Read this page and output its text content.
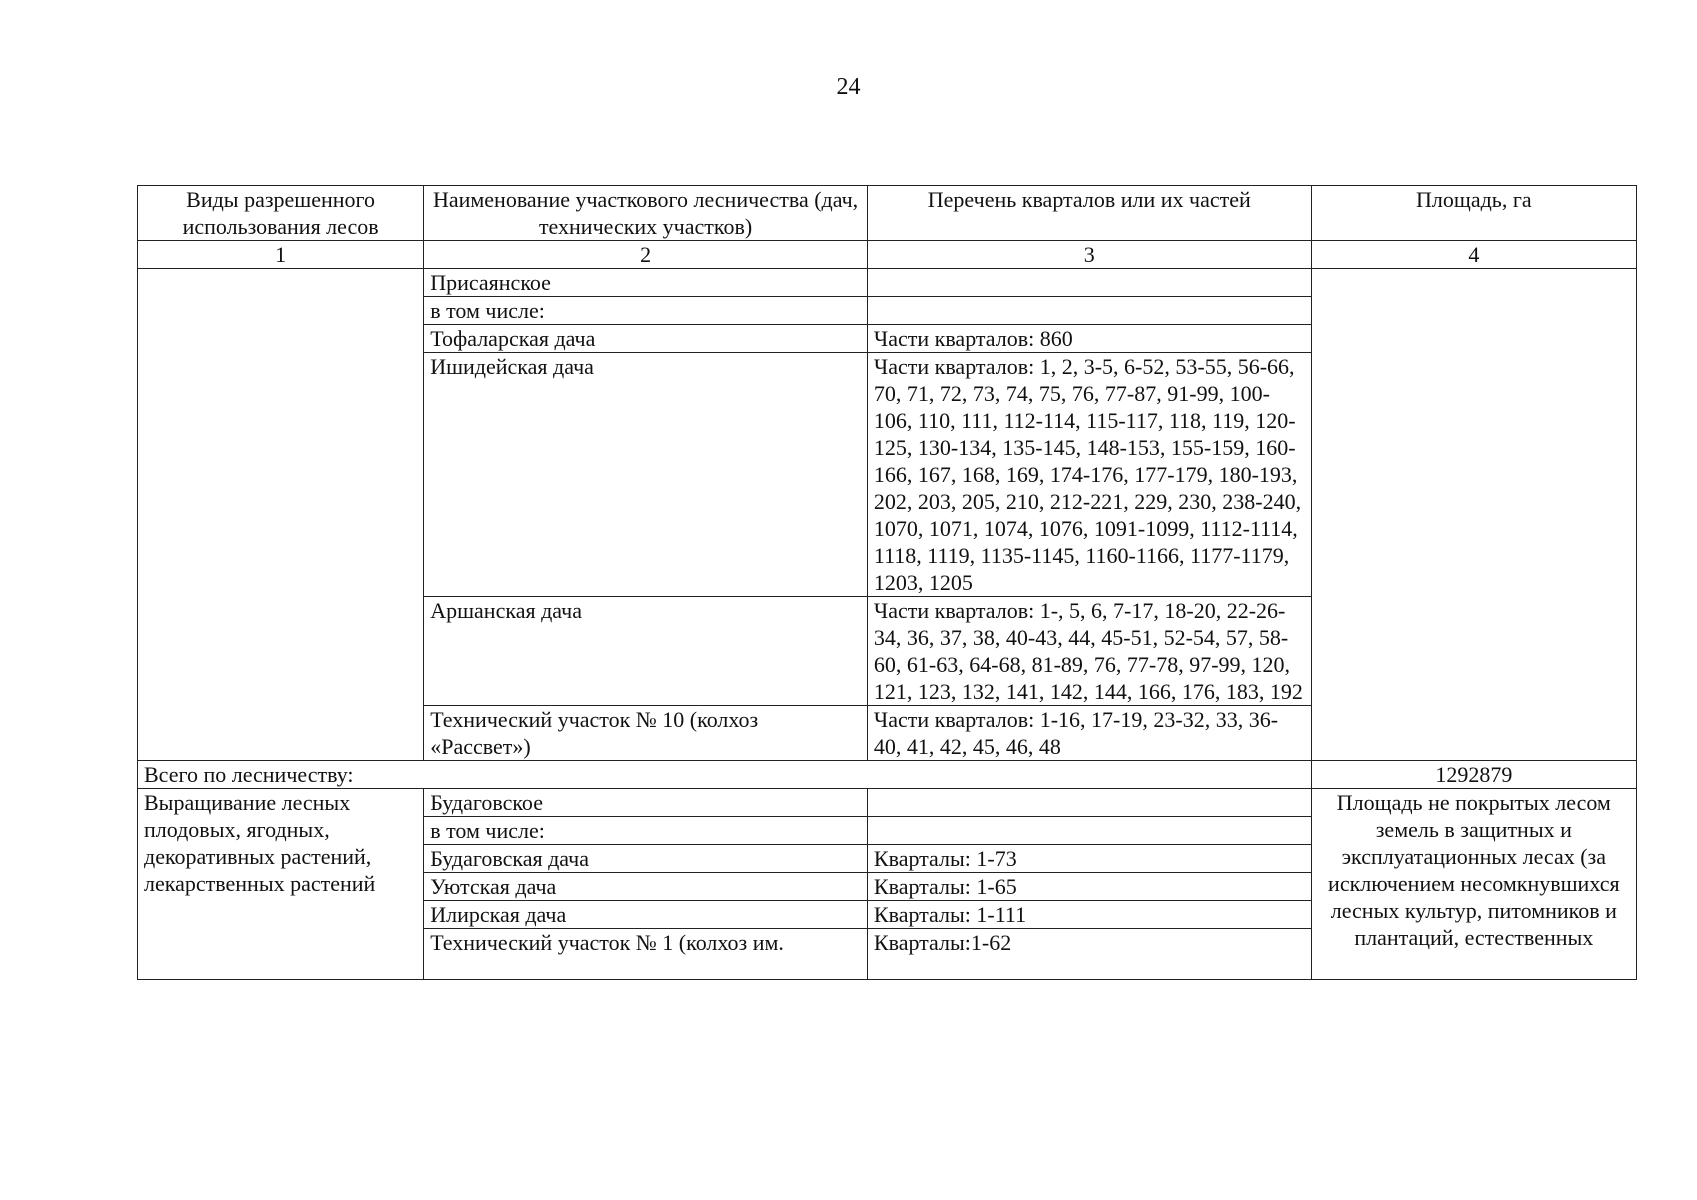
24
Виды разрешенного использования лесов	Наименование участкового лесничества (дач, технических участков)	Перечень кварталов или их частей	Площадь, га
1	2	3	4
	Присаянское		
	в том числе:		
	Тофаларская дача	Части кварталов: 860	
	Ишидейская дача	Части кварталов: 1, 2, 3-5, 6-52, 53-55, 56-66, 70, 71, 72, 73, 74, 75, 76, 77-87, 91-99, 100-106, 110, 111, 112-114, 115-117, 118, 119, 120-125, 130-134, 135-145, 148-153, 155-159, 160-166, 167, 168, 169, 174-176, 177-179, 180-193, 202, 203, 205, 210, 212-221, 229, 230, 238-240, 1070, 1071, 1074, 1076, 1091-1099, 1112-1114, 1118, 1119, 1135-1145, 1160-1166, 1177-1179, 1203, 1205	
	Аршанская дача	Части кварталов: 1-, 5, 6, 7-17, 18-20, 22-26-34, 36, 37, 38, 40-43, 44, 45-51, 52-54, 57, 58-60, 61-63, 64-68, 81-89, 76, 77-78, 97-99, 120, 121, 123, 132, 141, 142, 144, 166, 176, 183, 192	
	Технический участок № 10 (колхоз «Рассвет»)	Части кварталов: 1-16, 17-19, 23-32, 33, 36-40, 41, 42, 45, 46, 48	
Всего по лесничеству:			1292879
Выращивание лесных плодовых, ягодных, декоративных растений, лекарственных растений	Будаговское		Площадь не покрытых лесом земель в защитных и эксплуатационных лесах (за исключением несомкнувшихся лесных культур, питомников и плантаций, естественных
	в том числе:		
	Будаговская дача	Кварталы: 1-73	
	Уютская дача	Кварталы: 1-65	
	Илирская дача	Кварталы: 1-111	
	Технический участок № 1 (колхоз им.	Кварталы:1-62	
